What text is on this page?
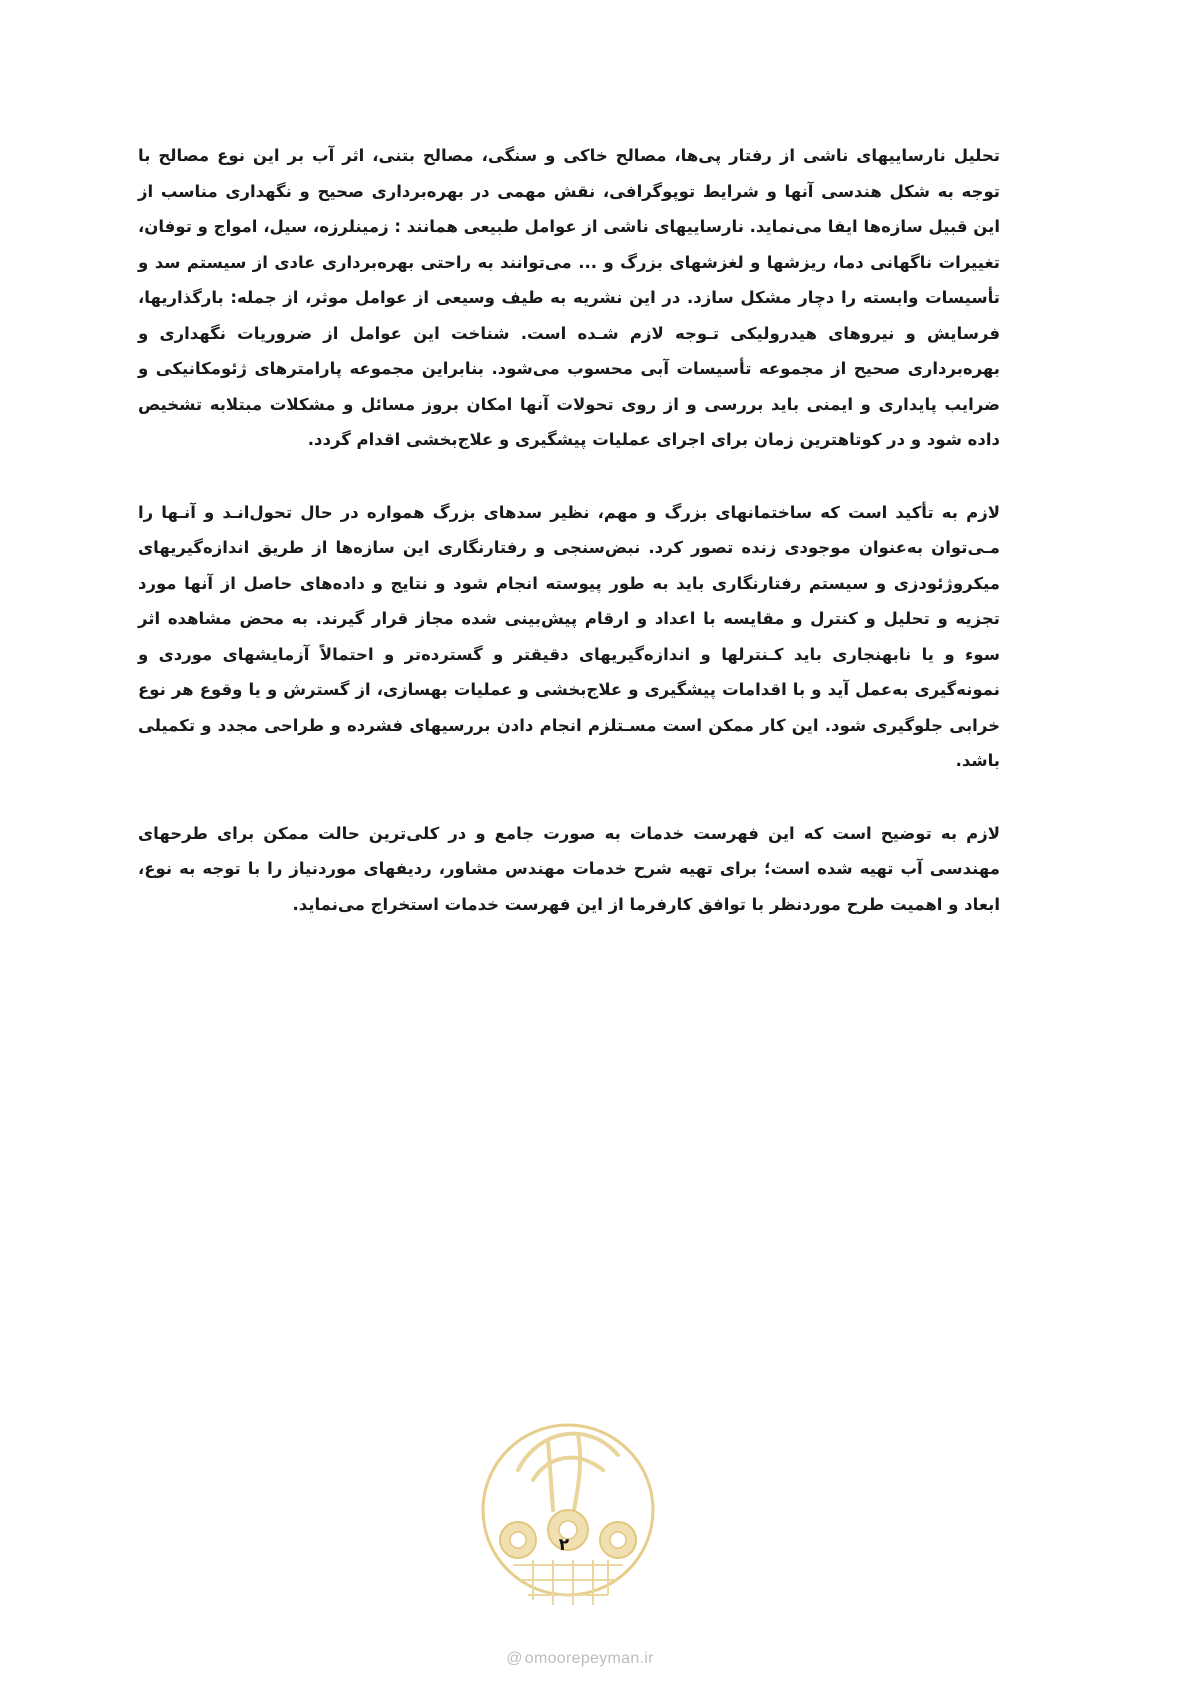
تحلیل نارساییهای ناشی از رفتار پی‌ها، مصالح خاکی و سنگی، مصالح بتنی، اثر آب بر این نوع مصالح با توجه به شکل هندسی آنها و شرایط توپوگرافی، نقش مهمی در بهره‌برداری صحیح و نگهداری مناسب از این قبیل سازه‌ها ایفا می‌نماید. نارساییهای ناشی از عوامل طبیعی همانند : زمینلرزه، سیل، امواج و توفان، تغییرات ناگهانی دما، ریزشها و لغزشهای بزرگ و ... می‌توانند به راحتی بهره‌برداری عادی از سیستم سد و تأسیسات وابسته را دچار مشکل سازد. در این نشریه به طیف وسیعی از عوامل موثر، از جمله: بارگذاریها، فرسایش و نیروهای هیدرولیکی تـوجه لازم شـده است. شناخت این عوامل از ضروریات نگهداری و بهره‌برداری صحیح از مجموعه تأسیسات آبی محسوب می‌شود. بنابراین مجموعه پارامترهای ژئومکانیکی و ضرایب پایداری و ایمنی باید بررسی و از روی تحولات آنها امکان بروز مسائل و مشکلات مبتلابه تشخیص داده شود و در کوتاهترین زمان برای اجرای عملیات پیشگیری و علاج‌بخشی اقدام گردد.

لازم به تأکید است که ساختمانهای بزرگ و مهم، نظیر سدهای بزرگ همواره در حال تحول‌انـد و آنـها را مـی‌توان به‌عنوان موجودی زنده تصور کرد. نبض‌سنجی و رفتارنگاری این سازه‌ها از طریق اندازه‌گیریهای میکروژئودزی و سیستم رفتارنگاری باید به طور پیوسته انجام شود و نتایج و داده‌های حاصل از آنها مورد تجزیه و تحلیل و کنترل و مقایسه با اعداد و ارقام پیش‌بینی شده مجاز قرار گیرند. به محض مشاهده اثر سوء و یا نابهنجاری باید کـنترلها و اندازه‌گیریهای دقیقتر و گسترده‌تر و احتمالاً آزمایشهای موردی و نمونه‌گیری به‌عمل آید و با اقدامات پیشگیری و علاج‌بخشی و عملیات بهسازی، از گسترش و یا وقوع هر نوع خرابی جلوگیری شود. این کار ممکن است مسـتلزم انجام دادن بررسیهای فشرده و طراحی مجدد و تکمیلی باشد.

لازم به توضیح است که این فهرست خدمات به صورت جامع و در کلی‌ترین حالت ممکن برای طرحهای مهندسی آب تهیه شده است؛ برای تهیه شرح خدمات مهندس مشاور، ردیفهای موردنیاز را با توجه به نوع، ابعاد و اهمیت طرح موردنظر با توافق کارفرما از این فهرست خدمات استخراج می‌نماید.

۲
@ omoorepeyman.ir
